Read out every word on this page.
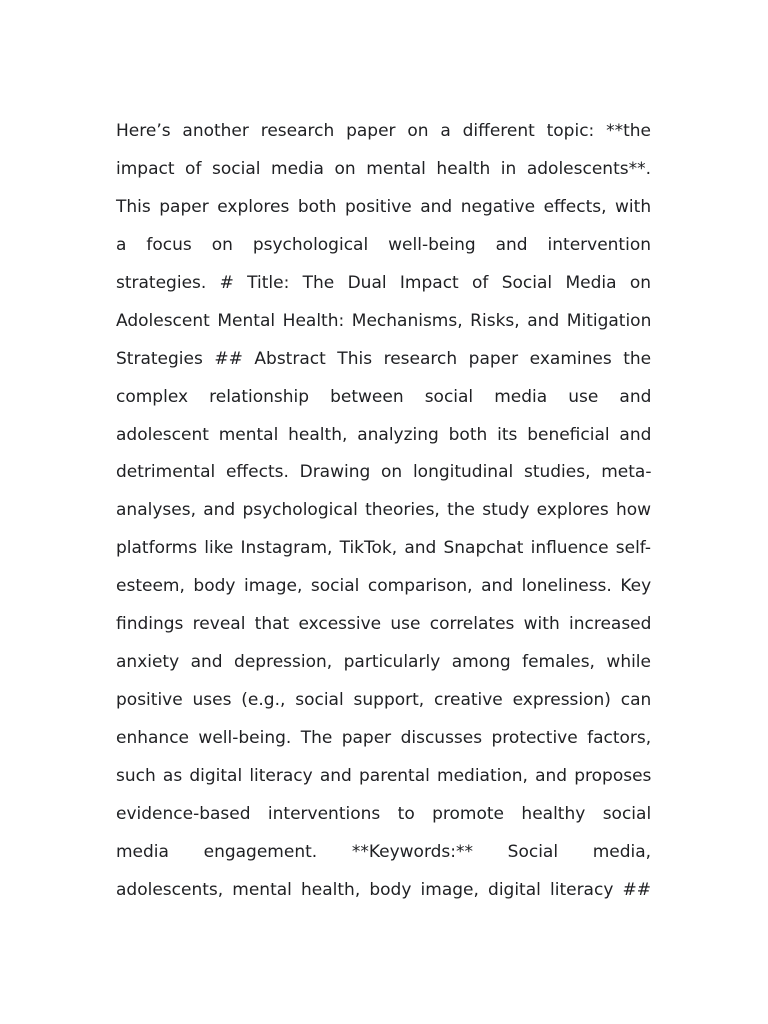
Here’s another research paper on a different topic: **the
impact of social media on mental health in adolescents**.
This paper explores both positive and negative effects, with
a focus on psychological well-being and intervention
strategies. # Title: The Dual Impact of Social Media on
Adolescent Mental Health: Mechanisms, Risks, and Mitigation
Strategies ## Abstract This research paper examines the
complex relationship between social media use and
adolescent mental health, analyzing both its beneficial and
detrimental effects. Drawing on longitudinal studies, meta-
analyses, and psychological theories, the study explores how
platforms like Instagram, TikTok, and Snapchat influence self-
esteem, body image, social comparison, and loneliness. Key
findings reveal that excessive use correlates with increased
anxiety and depression, particularly among females, while
positive uses (e.g., social support, creative expression) can
enhance well-being. The paper discusses protective factors,
such as digital literacy and parental mediation, and proposes
evidence-based interventions to promote healthy social
media engagement. **Keywords:** Social media,
adolescents, mental health, body image, digital literacy ##
